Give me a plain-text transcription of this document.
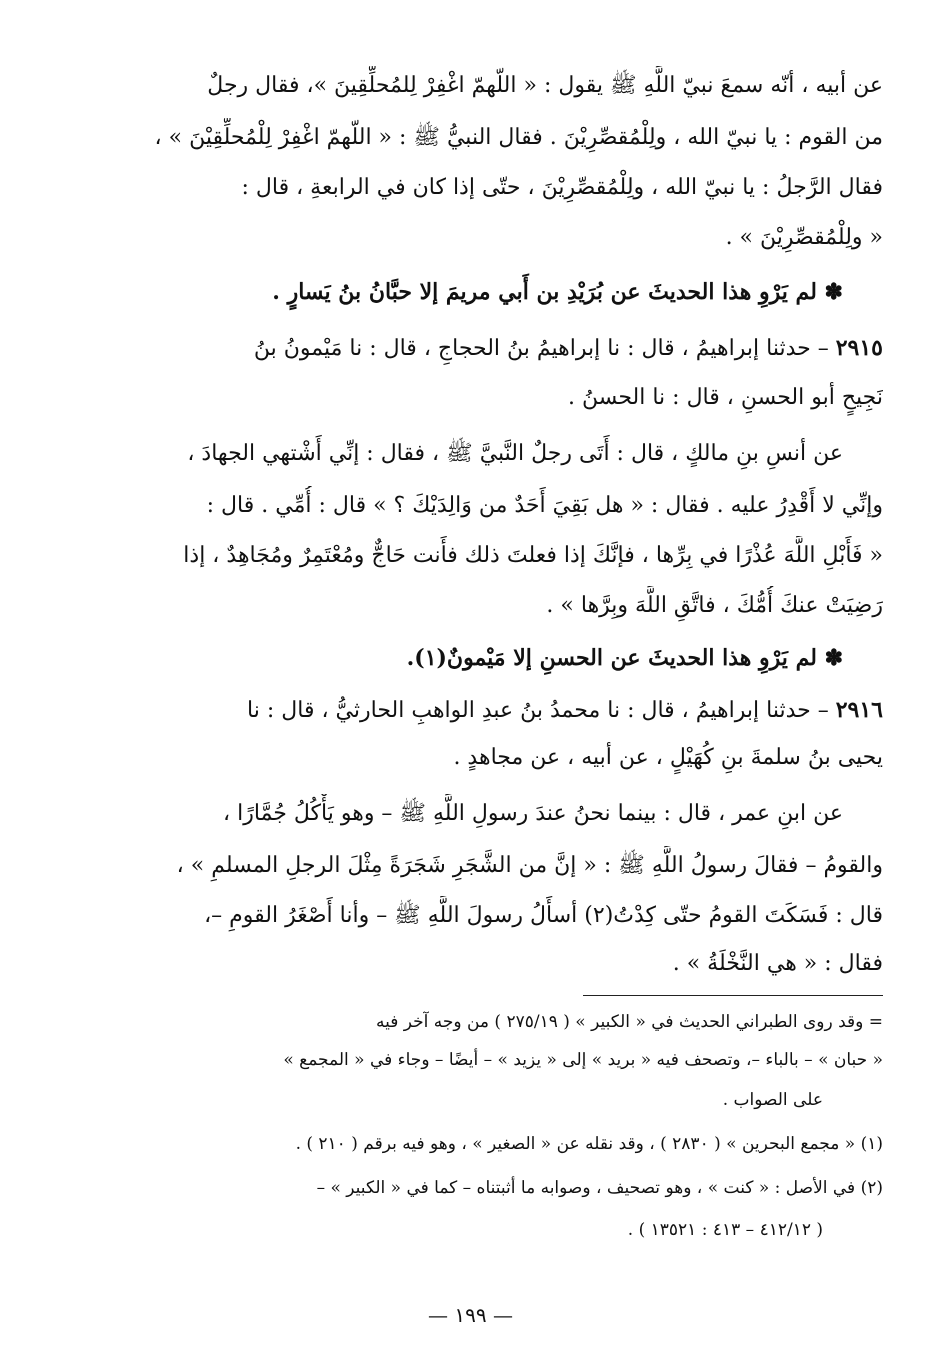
عن أبيه ، أنّه سمعَ نبيّ اللَّهِ ﷺ يقول : « اللّهمّ اغْفِرْ لِلمُحلِّقِينَ »، فقال رجلٌ
من القوم : يا نبيّ الله ، ولِلْمُقصِّرِيْنَ . فقال النبيُّ ﷺ : « اللّهمّ اغْفِرْ لِلْمُحلِّقِيْنَ » ،
فقال الرَّجلُ : يا نبيّ الله ، ولِلْمُقصِّرِيْنَ ، حتّى إذا كان في الرابعةِ ، قال :
« ولِلْمُقصِّرِيْنَ » .
✽ لم يَرْوِ هذا الحديثَ عن بُرَيْدِ بن أَبي مريمَ إلا حبَّانُ بنُ يَسارٍ .
٢٩١٥ – حدثنا إبراهيمُ ، قال : نا إبراهيمُ بنُ الحجاجِ ، قال : نا مَيْمونُ بنُ
نَجِيحٍ أبو الحسنِ ، قال : نا الحسنُ .
عن أنسِ بنِ مالكٍ ، قال : أَتَى رجلٌ النَّبيَّ ﷺ ، فقال : إنِّي أَشْتهي الجهادَ ،
وإنِّي لا أَقْدِرُ عليه . فقال : « هل بَقِيَ أَحَدٌ من وَالِدَيْكَ ؟ » قال : أُمِّي . قال :
« فَأَبْلِ اللَّهَ عُذْرًا في بِرِّها ، فإنَّكَ إذا فعلتَ ذلك فأَنت حَاجٌّ ومُعْتَمِرٌ ومُجَاهِدٌ ، إذا
رَضِيَتْ عنكَ أُمُّكَ ، فاتَّقِ اللَّهَ وبِرَّها » .
✽ لم يَرْوِ هذا الحديثَ عن الحسنِ إلا مَيْمونٌ(١).
٢٩١٦ – حدثنا إبراهيمُ ، قال : نا محمدُ بنُ عبدِ الواهبِ الحارثيُّ ، قال : نا
يحيى بنُ سلمةَ بنِ كُهَيْلٍ ، عن أبيه ، عن مجاهدٍ .
عن ابنِ عمر ، قال : بينما نحنُ عندَ رسولِ اللَّهِ ﷺ – وهو يَأْكُلُ جُمَّارًا ،
والقومُ – فقالَ رسولُ اللَّهِ ﷺ : « إنَّ من الشَّجَرِ شَجَرَةً مِثْلَ الرجلِ المسلمِ » ،
قال : فَسَكَتَ القومُ حتّى كِدْتُ(٢) أسأَلُ رسولَ اللَّهِ ﷺ – وأنا أَصْغَرُ القومِ –،
فقال : « هي النَّخْلَةُ » .
= وقد روى الطبراني الحديث في « الكبير » ( ٢٧٥/١٩ ) من وجه آخر فيه
« حبان » – بالباء –، وتصحف فيه « بريد » إلى « يزيد » – أيضًا – وجاء في « المجمع »
على الصواب .
(١) « مجمع البحرين » ( ٢٨٣٠ ) ، وقد نقله عن « الصغير » ، وهو فيه برقم ( ٢١٠ ) .
(٢) في الأصل : « كنت » ، وهو تصحيف ، وصوابه ما أثبتناه – كما في « الكبير » –
( ٤١٢/١٢ – ٤١٣ : ١٣٥٢١ ) .
— ١٩٩ —
